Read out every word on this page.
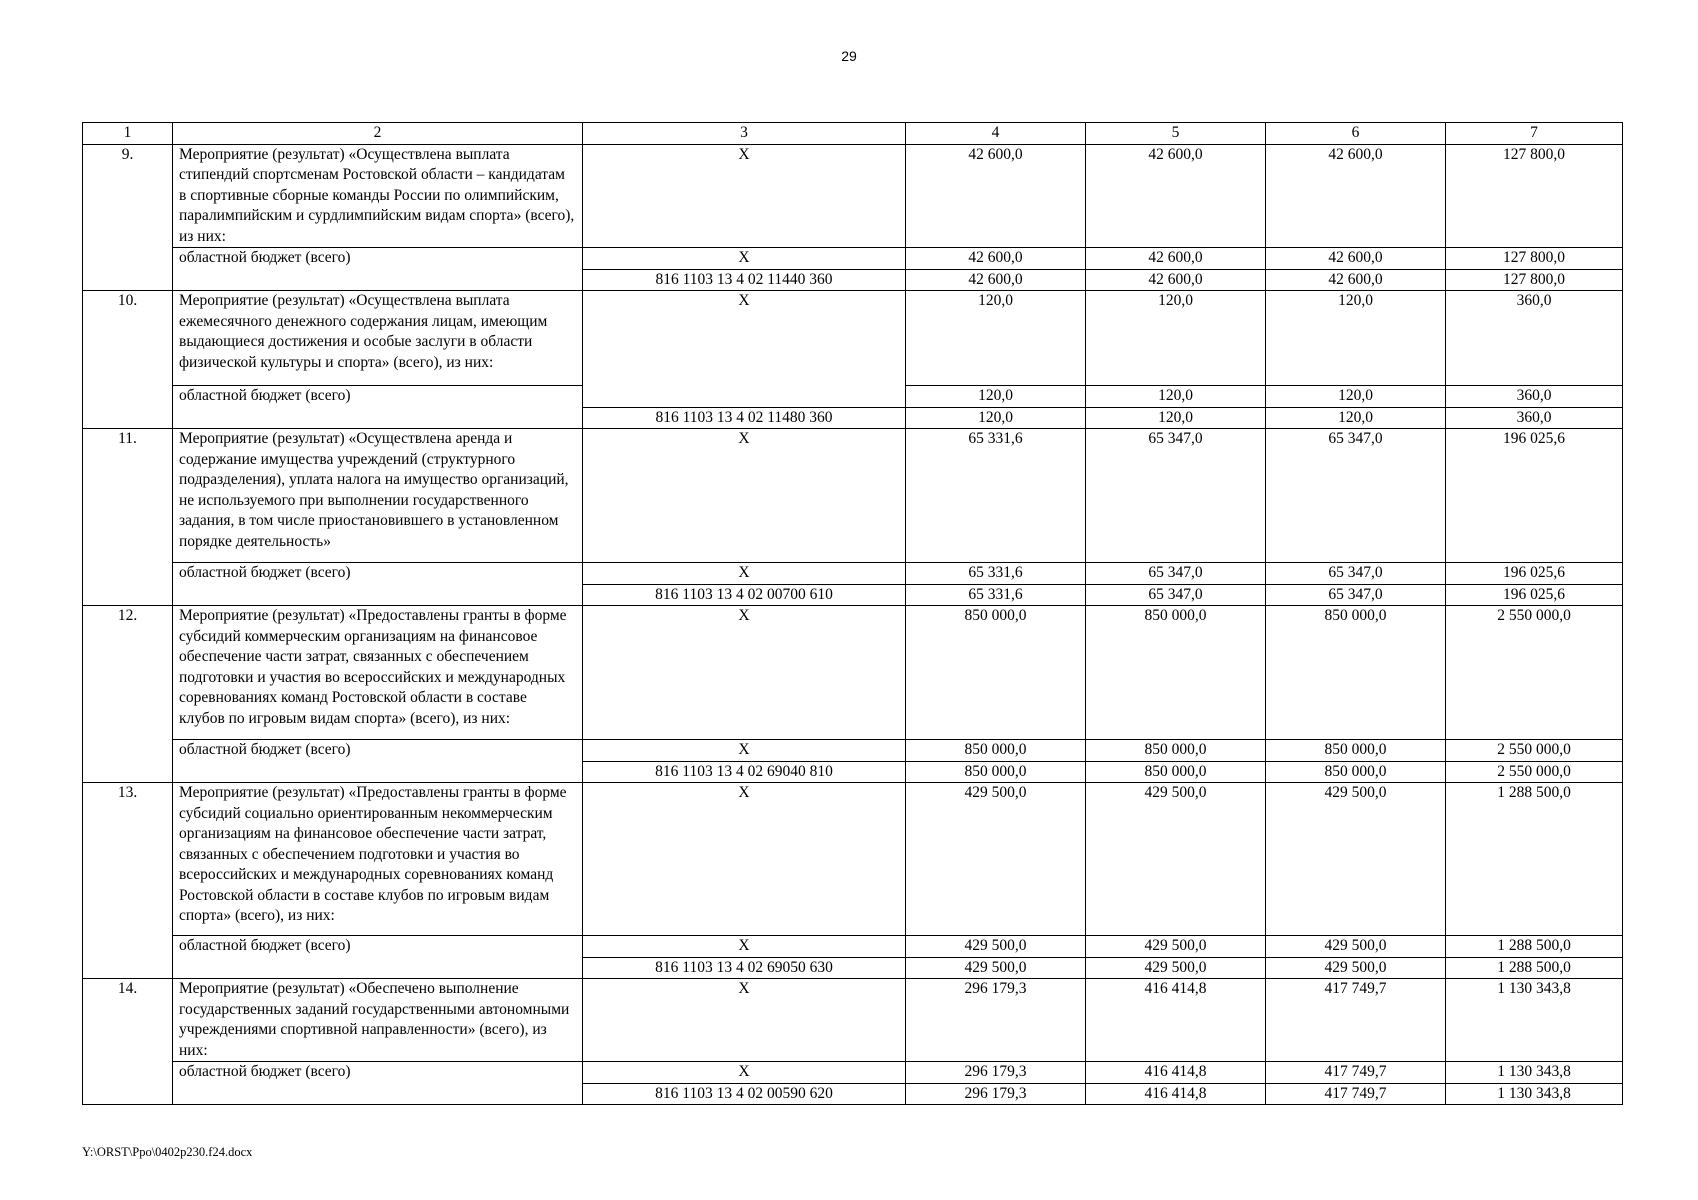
29
1	2	3	4	5	6	7
9.	Мероприятие (результат) «Осуществлена выплата стипендий спортсменам Ростовской области – кандидатам в спортивные сборные команды России по олимпийским, паралимпийским и сурдлимпийским видам спорта» (всего), из них:	X	42 600,0	42 600,0	42 600,0	127 800,0
	областной бюджет (всего)	X	42 600,0	42 600,0	42 600,0	127 800,0
		816 1103 13 4 02 11440 360	42 600,0	42 600,0	42 600,0	127 800,0
10.	Мероприятие (результат) «Осуществлена выплата ежемесячного денежного содержания лицам, имеющим выдающиеся достижения и особые заслуги в области физической культуры и спорта» (всего), из них:	X	120,0	120,0	120,0	360,0
	областной бюджет (всего)		120,0	120,0	120,0	360,0
		816 1103 13 4 02 11480 360	120,0	120,0	120,0	360,0
11.	Мероприятие (результат) «Осуществлена аренда и содержание имущества учреждений (структурного подразделения), уплата налога на имущество организаций, не используемого при выполнении государственного задания, в том числе приостановившего в установленном порядке деятельность»	X	65 331,6	65 347,0	65 347,0	196 025,6
	областной бюджет (всего)	X	65 331,6	65 347,0	65 347,0	196 025,6
		816 1103 13 4 02 00700 610	65 331,6	65 347,0	65 347,0	196 025,6
12.	Мероприятие (результат) «Предоставлены гранты в форме субсидий коммерческим организациям на финансовое обеспечение части затрат, связанных с обеспечением подготовки и участия во всероссийских и международных соревнованиях команд Ростовской области в составе клубов по игровым видам спорта» (всего), из них:	X	850 000,0	850 000,0	850 000,0	2 550 000,0
	областной бюджет (всего)	X	850 000,0	850 000,0	850 000,0	2 550 000,0
		816 1103 13 4 02 69040 810	850 000,0	850 000,0	850 000,0	2 550 000,0
13.	Мероприятие (результат) «Предоставлены гранты в форме субсидий социально ориентированным некоммерческим организациям на финансовое обеспечение части затрат, связанных с обеспечением подготовки и участия во всероссийских и международных соревнованиях команд Ростовской области в составе клубов по игровым видам спорта» (всего), из них:	X	429 500,0	429 500,0	429 500,0	1 288 500,0
	областной бюджет (всего)	X	429 500,0	429 500,0	429 500,0	1 288 500,0
		816 1103 13 4 02 69050 630	429 500,0	429 500,0	429 500,0	1 288 500,0
14.	Мероприятие (результат) «Обеспечено выполнение государственных заданий государственными автономными учреждениями спортивной направленности» (всего), из них:	X	296 179,3	416 414,8	417 749,7	1 130 343,8
	областной бюджет (всего)	X	296 179,3	416 414,8	417 749,7	1 130 343,8
		816 1103 13 4 02 00590 620	296 179,3	416 414,8	417 749,7	1 130 343,8
Y:\ORST\Ppo\0402p230.f24.docx
